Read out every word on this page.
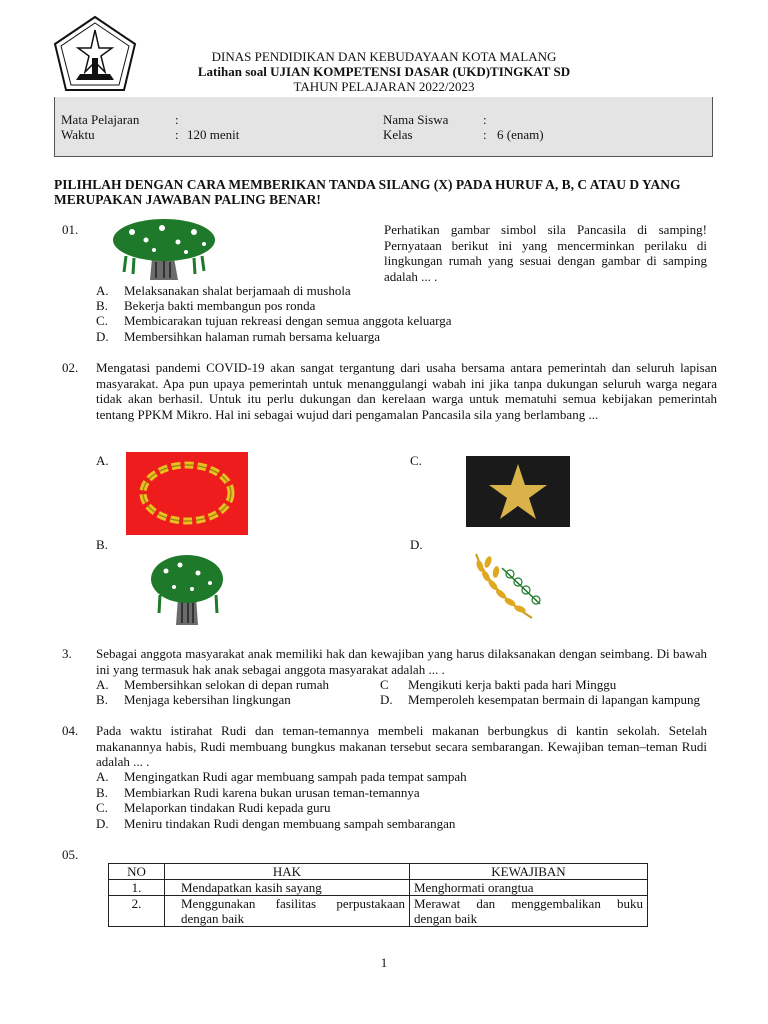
DINAS PENDIDIKAN DAN KEBUDAYAAN KOTA MALANG
Latihan soal UJIAN KOMPETENSI DASAR (UKD)TINGKAT SD
TAHUN PELAJARAN 2022/2023
Mata Pelajaran	:
Waktu	: 120 menit
Nama Siswa	:
Kelas	: 6 (enam)
PILIHLAH DENGAN CARA MEMBERIKAN TANDA SILANG (X) PADA HURUF A, B, C ATAU D YANG MERUPAKAN JAWABAN PALING BENAR!
01.	Perhatikan gambar simbol sila Pancasila di samping! Pernyataan berikut ini yang mencerminkan perilaku di lingkungan rumah yang sesuai dengan gambar di samping adalah ... .
A. Melaksanakan shalat berjamaah di mushola
B. Bekerja bakti membangun pos ronda
C. Membicarakan tujuan rekreasi dengan semua anggota keluarga
D. Membersihkan halaman rumah bersama keluarga
02. Mengatasi pandemi COVID-19 akan sangat tergantung dari usaha bersama antara pemerintah dan seluruh lapisan masyarakat. Apa pun upaya pemerintah untuk menanggulangi wabah ini jika tanpa dukungan seluruh warga negara tidak akan berhasil. Untuk itu perlu dukungan dan kerelaan warga untuk mematuhi semua kebijakan pemerintah tentang PPKM Mikro. Hal ini sebagai wujud dari pengamalan Pancasila sila yang berlambang ...
A.	C.
B.	D.
3. Sebagai anggota masyarakat anak memiliki hak dan kewajiban yang harus dilaksanakan dengan seimbang. Di bawah ini yang termasuk hak anak sebagai anggota masyarakat adalah ... .
A. Membersihkan selokan di depan rumah	C Mengikuti kerja bakti pada hari Minggu
B. Menjaga kebersihan lingkungan	D.	Memperoleh kesempatan bermain di lapangan kampung
04. Pada waktu istirahat Rudi dan teman-temannya membeli makanan berbungkus di kantin sekolah. Setelah makanannya habis, Rudi membuang bungkus makanan tersebut secara sembarangan. Kewajiban teman–teman Rudi adalah ... .
A. Mengingatkan Rudi agar membuang sampah pada tempat sampah
B. Membiarkan Rudi karena bukan urusan teman-temannya
C. Melaporkan tindakan Rudi kepada guru
D. Meniru tindakan Rudi dengan membuang sampah sembarangan
05.
NO	HAK	KEWAJIBAN
1.	Mendapatkan kasih sayang	Menghormati orangtua
2.	Menggunakan fasilitas perpustakaan dengan baik	Merawat dan menggembalikan buku dengan baik
1
